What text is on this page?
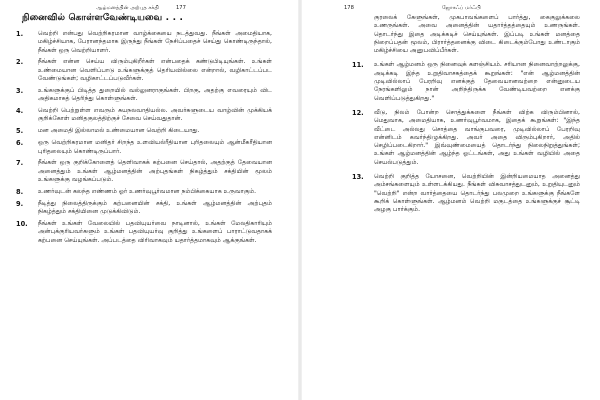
ஆழ்மனத்தின் அற்புத சக்தி	177
நினைவில் கொள்ளவேண்டியவை . . .
1. வெற்றி என்பது வெற்றிகரமான வாழ்க்கையை நடத்துவது. நீங்கள் அமைதியாக, மகிழ்ச்சியாக, பேரானந்தமாக இருந்து நீங்கள் நேசிப்பதைச் செய்து கொண்டிருந்தால், நீங்கள் ஒரு வெற்றியாளர்.
2. நீங்கள் என்ன செய்ய விரும்புகிறீர்கள் என்பதைக் கண்டுபிடியுங்கள். உங்கள் உண்மையான வெளிப்பாடு உங்களுக்குத் தெரியவில்லை என்றால், வழிகாட்டப்பட வேண்டுங்கள்; வழிகாட்டப்படுவீர்கள்.
3. உங்களுக்குப் பிடித்த துறையில் வல்லுனராகுங்கள். பிறகு, அதற்கு எவரையும் விட அதிகமாகத் தெரிந்து கொள்ளுங்கள்.
4. வெற்றி பெற்றுள்ள எவரும் சுயநலவாதியல்ல. அவர்களுடைய வாழ்வின் முக்கியக் குறிக்கோள் மனிதகுலத்திற்குச் சேவை செய்வதுதான்.
5. மன அமைதி இல்லாமல் உண்மையான வெற்றி கிடையாது.
6. ஒரு வெற்றிகரமான மனிதர் சிறந்த உளவியல்ரீதியான புரிதலையும் ஆன்மீகரீதியான புரிதலையும் கொண்டிருப்பார்.
7. நீங்கள் ஒரு குறிக்கோளைத் தெளிவாகக் கற்பனை செய்தால், அதற்குத் தேவையான அனைத்தும் உங்கள் ஆழ்மனத்தின் அற்புதங்கள் நிகழ்த்தும் சக்தியின் மூலம் உங்களுக்கு வழங்கப்படும்.
8. உணர்வுடன் கலந்த எண்ணம் ஓர் உணர்வுபூர்வமான நம்பிக்கையாக உருவாகும்.
9. நீடித்து நிலைத்திருக்கும் கற்பனையின் சக்தி, உங்கள் ஆழ்மனத்தின் அற்புதம் நிகழ்த்தும் சக்தியினை முடுக்கிவிடும்.
10. நீங்கள் உங்கள் வேலையில் பதவியுயர்வை நாடினால், உங்கள் மேலதிகாரியும் அன்புக்குரியவர்களும் உங்கள் பதவியுயர்வு குறித்து உங்களைப் பாராட்டுவதாகக் கற்பனை செய்யுங்கள். அப்படத்தை விரிவாகவும் யதார்த்தமாகவும் ஆக்குங்கள்.
178	ஜோசஃப் மர்ஃபி
குரலைக் கேளுங்கள், முகபாவங்களைப் பார்த்து, கைகுலுக்கலை உணருங்கள். அவை அனைத்தின் யதார்த்தத்தையும் உணருங்கள். தொடர்ந்து இதை அடிக்கடிச் செய்யுங்கள். இப்படி உங்கள் மனத்தை நிறைப்பதன் மூலம், பிரார்த்தனைக்கு விடை கிடைக்கும்போது உண்டாகும் மகிழ்ச்சியை அனுபவிப்பீர்கள்.
11. உங்கள் ஆழ்மனம் ஒரு நினைவுக் களஞ்சியம். சரியான நினைவாற்றலுக்கு, அடிக்கடி இந்த உறுதிவாசகத்தைக் கூறுங்கள்: "என் ஆழ்மனத்தின் முடிவில்லாப் பேரறிவு எனக்குத் தேவையானவற்றை என்னுடைய நேரங்களிலும் நான் அறிந்திருக்க வேண்டியவற்றை எனக்கு வெளிப்படுத்துகிறது."
12. வீடு, நிலம் போன்ற சொத்துக்களை நீங்கள் விற்க விரும்பினால், மெதுவாக, அமைதியாக, உணர்வுபூர்வமாக, இதைக் கூறுங்கள்: "இந்த வீட்டை அல்லது சொத்தை வாங்குபவரை, முடிவில்லாப் பேரறிவு என்னிடம் கவர்ந்திழுக்கிறது. அவர் அதை விரும்புகிறார், அதில் செழிப்படைகிறார்." இவ்வுண்மையைத் தொடர்ந்து நிலைநிறுத்துங்கள்; உங்கள் ஆழ்மனத்தின் ஆழ்ந்த ஓட்டங்கள், அது உங்கள் வழியில் அதை செயல்படுத்தும்.
13. வெற்றி குறித்த யோசனை, வெற்றியின் இன்றியமையாத அனைத்து அம்சங்களையும் உள்ளடக்கியது. நீங்கள் விசுவாசத்துடனும், உறுதியுடனும் "வெற்றி" என்ற வார்த்தையை தொடர்ந்து பலமுறை உங்களுக்கு நீங்களே கூறிக் கொள்ளுங்கள். ஆழ்மனம் வெற்றி மகுடத்தை உங்களுக்குச் சூட்டி அழகு பார்க்கும்.
